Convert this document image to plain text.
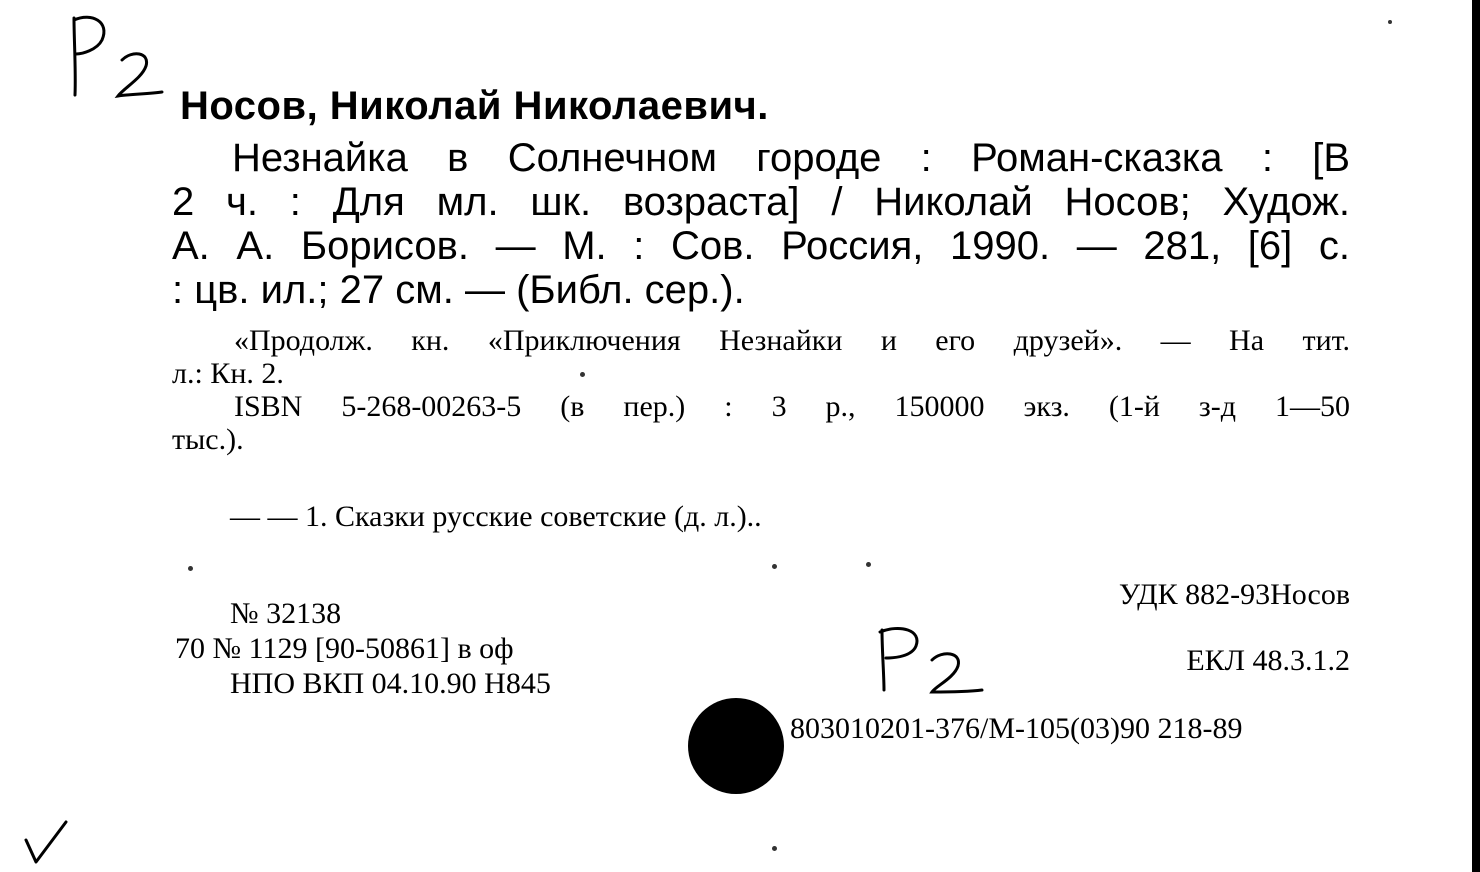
Носов, Николай Николаевич.
Незнайка в Солнечном городе : Роман-сказка : [В
2 ч. : Для мл. шк. возраста] / Николай Носов; Худож.
А. А. Борисов. — М. : Сов. Россия, 1990. — 281, [6] с.
: цв. ил.; 27 см. — (Библ. сер.).
«Продолж. кн. «Приключения Незнайки и его друзей». — На тит.
л.: Кн. 2.
ISBN 5-268-00263-5 (в пер.) : 3 р., 150000 экз. (1-й з-д 1—50
тыс.).
— — 1. Сказки русские советские (д. л.)..
№ 32138
70 № 1129 [90-50861] в оф
НПО ВКП 04.10.90 Н845
УДК 882-93Носов
ЕКЛ 48.3.1.2
803010201-376/М-105(03)90 218-89
